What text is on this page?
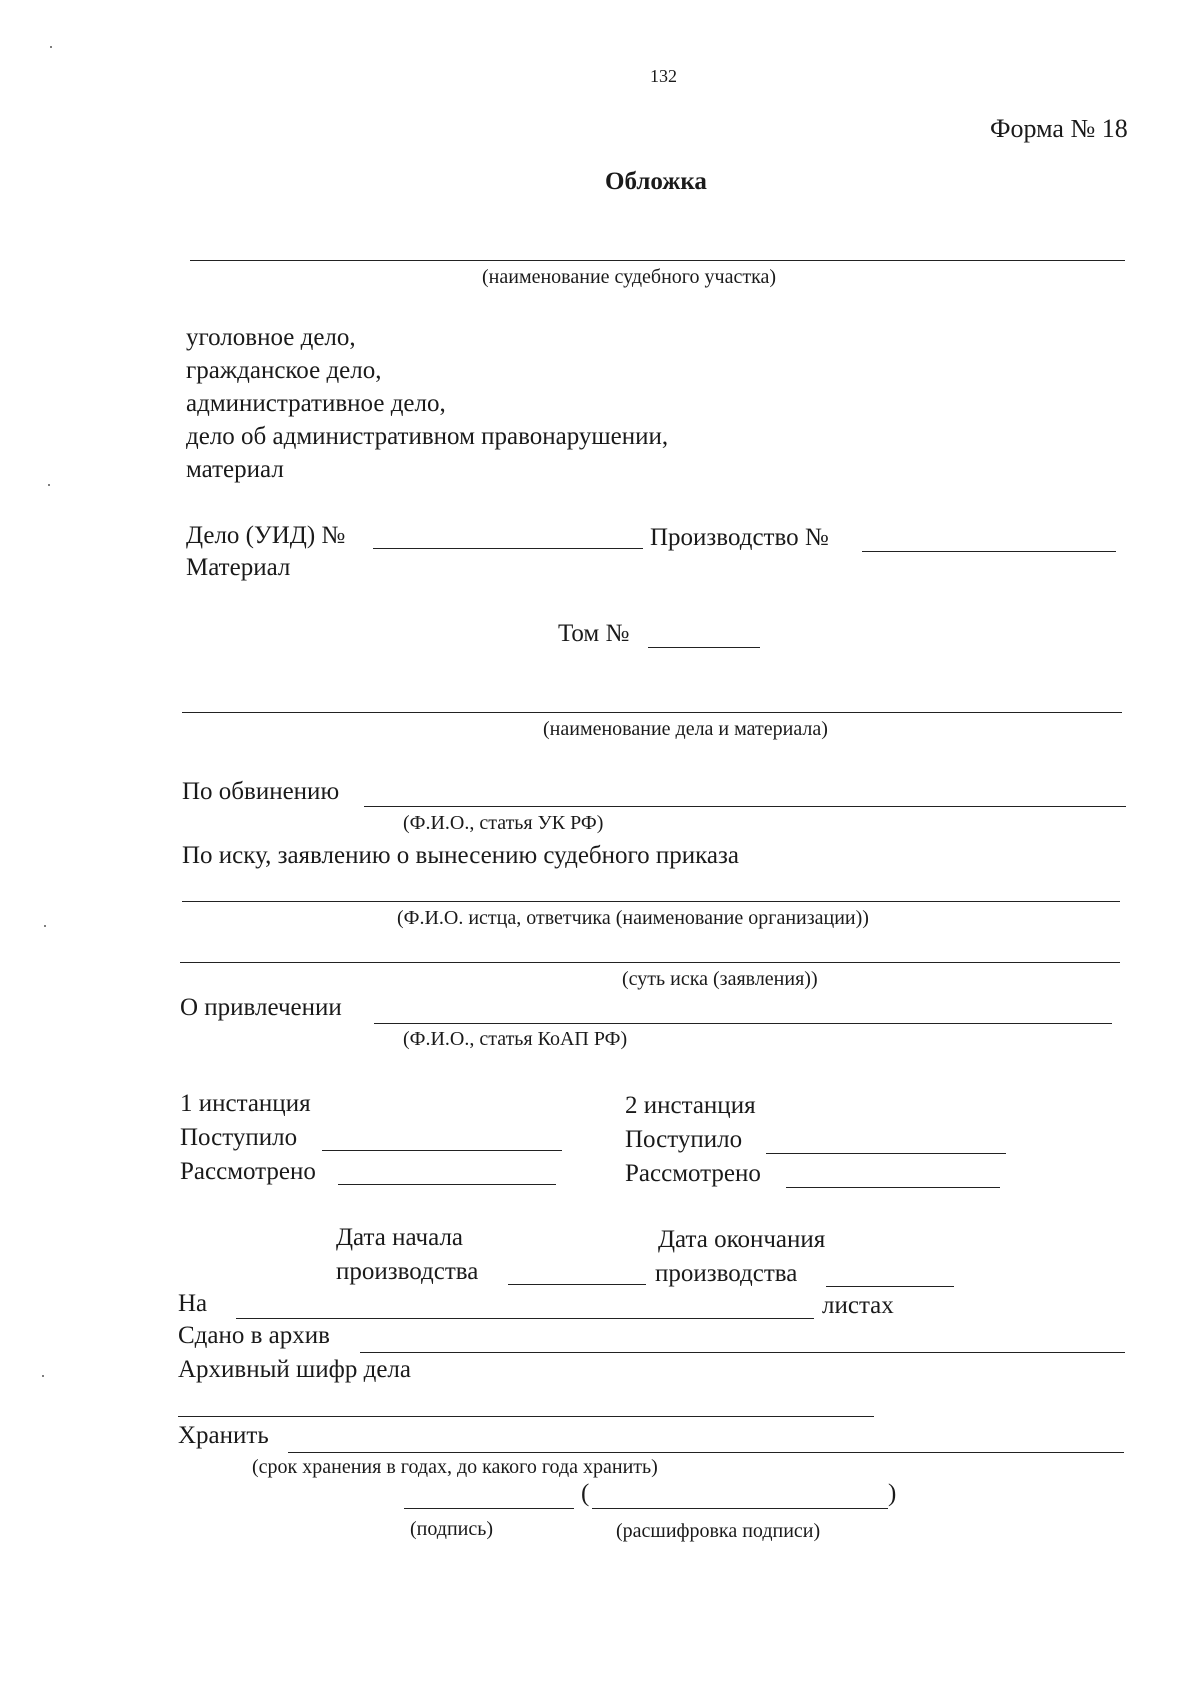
132
Форма № 18
Обложка
(наименование судебного участка)
уголовное дело,
гражданское дело,
административное дело,
дело об административном правонарушении,
материал
Дело (УИД) №	Производство №
Материал
Том №
(наименование дела и материала)
По обвинению
(Ф.И.О., статья УК РФ)
По иску, заявлению о вынесению судебного приказа
(Ф.И.О. истца, ответчика (наименование организации))
(суть иска (заявления))
О привлечении
(Ф.И.О., статья КоАП РФ)
1 инстанция
Поступило
Рассмотрено
2 инстанция
Поступило
Рассмотрено
Дата начала
производства
Дата окончания
производства
На	листах
Сдано в архив
Архивный шифр дела
Хранить
(срок хранения в годах, до какого года хранить)
(	)
(подпись)	(расшифровка подписи)
